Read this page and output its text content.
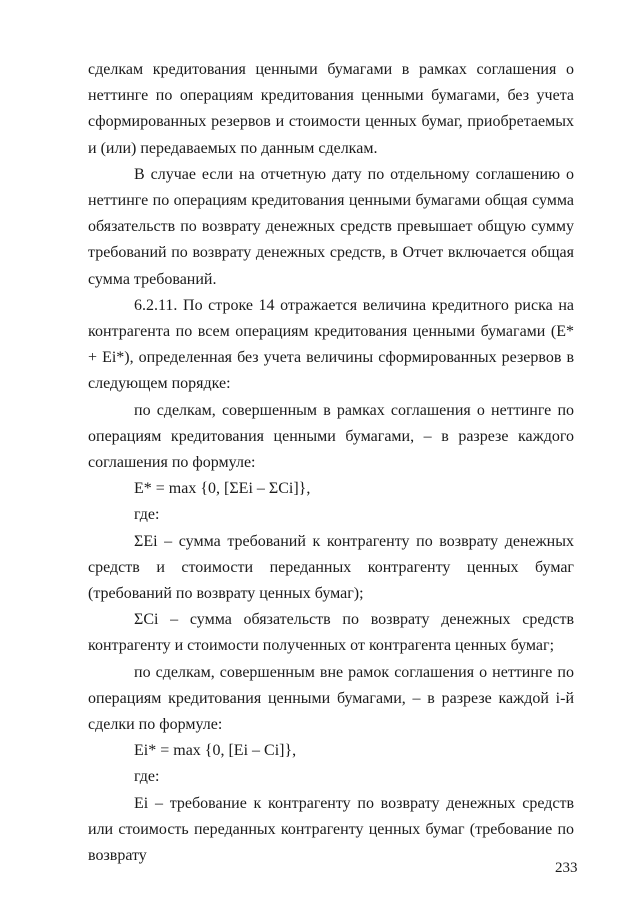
сделкам кредитования ценными бумагами в рамках соглашения о неттинге по операциям кредитования ценными бумагами, без учета сформированных резервов и стоимости ценных бумаг, приобретаемых и (или) передаваемых по данным сделкам.

В случае если на отчетную дату по отдельному соглашению о неттинге по операциям кредитования ценными бумагами общая сумма обязательств по возврату денежных средств превышает общую сумму требований по возврату денежных средств, в Отчет включается общая сумма требований.

6.2.11. По строке 14 отражается величина кредитного риска на контрагента по всем операциям кредитования ценными бумагами (E* + Ei*), определенная без учета величины сформированных резервов в следующем порядке:

по сделкам, совершенным в рамках соглашения о неттинге по операциям кредитования ценными бумагами, – в разрезе каждого соглашения по формуле:

E* = max {0, [ΣEi – ΣCi]},

где:

ΣEi – сумма требований к контрагенту по возврату денежных средств и стоимости переданных контрагенту ценных бумаг (требований по возврату ценных бумаг);

ΣCi – сумма обязательств по возврату денежных средств контрагенту и стоимости полученных от контрагента ценных бумаг;

по сделкам, совершенным вне рамок соглашения о неттинге по операциям кредитования ценными бумагами, – в разрезе каждой i-й сделки по формуле:

Ei* = max {0, [Ei – Ci]},

где:

Ei – требование к контрагенту по возврату денежных средств или стоимость переданных контрагенту ценных бумаг (требование по возврату

233
